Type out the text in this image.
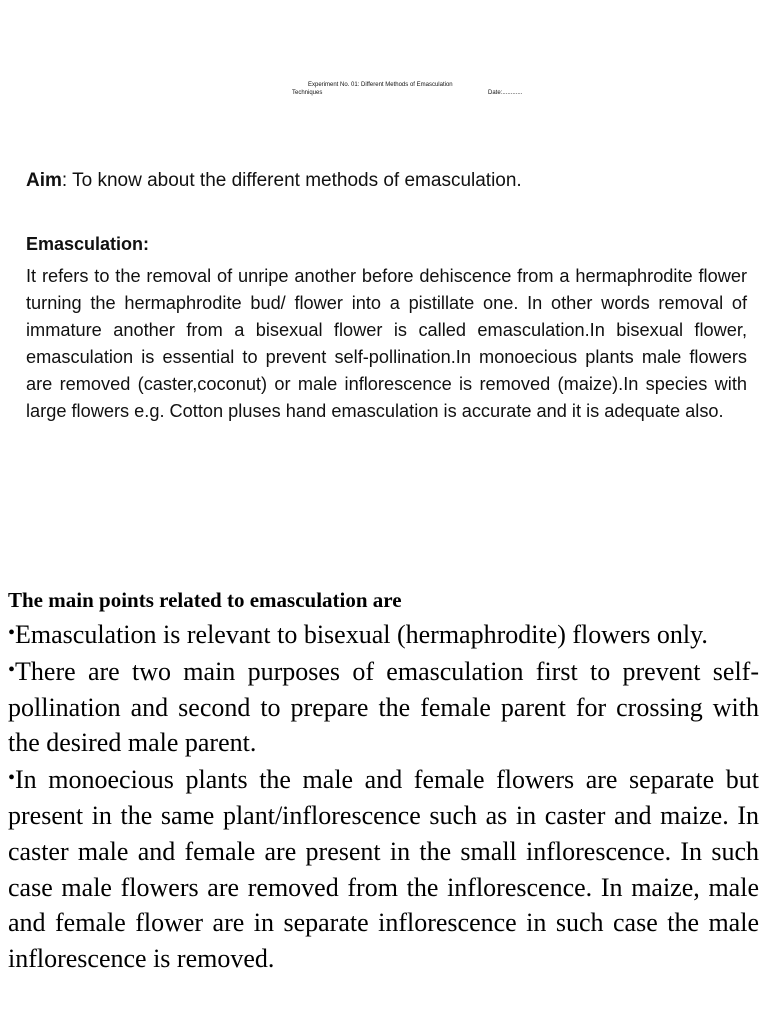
Experiment No. 01: Different Methods of Emasculation
Techniques	Date:............
Aim: To know about the different methods of emasculation.
Emasculation:
It refers to the removal of unripe another before dehiscence from a hermaphrodite flower turning the hermaphrodite bud/ flower into a pistillate one. In other words removal of immature another from a bisexual flower is called emasculation.In bisexual flower, emasculation is essential to prevent self-pollination.In monoecious plants male flowers are removed (caster,coconut) or male inflorescence is removed (maize).In species with large flowers e.g. Cotton pluses hand emasculation is accurate and it is adequate also.
The main points related to emasculation are
•Emasculation is relevant to bisexual (hermaphrodite) flowers only.
•There are two main purposes of emasculation first to prevent self-pollination and second to prepare the female parent for crossing with the desired male parent.
•In monoecious plants the male and female flowers are separate but present in the same plant/inflorescence such as in caster and maize. In caster male and female are present in the small inflorescence. In such case male flowers are removed from the inflorescence. In maize, male and female flower are in separate inflorescence in such case the male inflorescence is removed.
